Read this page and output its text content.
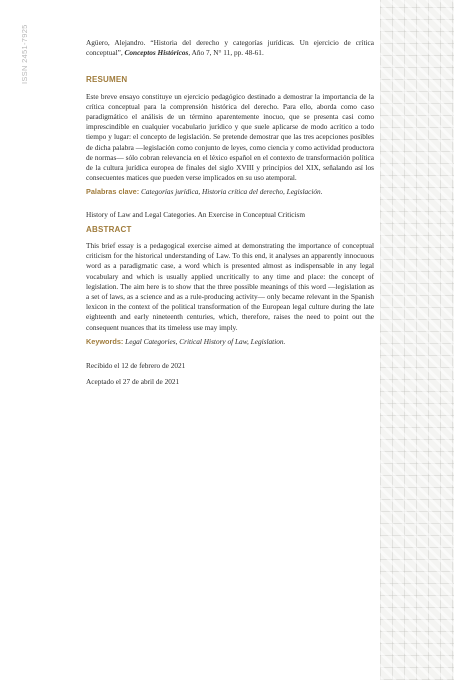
ISSN 2451-7925	Agüero, Alejandro. “Historia del derecho y categorías jurídicas. Un ejercicio de crítica conceptual”, Conceptos Históricos, Año 7, N° 11, pp. 48-61.

RESUMEN

Este breve ensayo constituye un ejercicio pedagógico destinado a demostrar la importancia de la crítica conceptual para la comprensión histórica del derecho. Para ello, aborda como caso paradigmático el análisis de un término aparentemente inocuo, que se presenta casi como imprescindible en cualquier vocabulario jurídico y que suele aplicarse de modo acrítico a todo tiempo y lugar: el concepto de legislación. Se pretende demostrar que las tres acepciones posibles de dicha palabra —legislación como conjunto de leyes, como ciencia y como actividad productora de normas— sólo cobran relevancia en el léxico español en el contexto de transformación política de la cultura jurídica europea de finales del siglo XVIII y principios del XIX, señalando así los consecuentes matices que pueden verse implicados en su uso atemporal.

Palabras clave: Categorías jurídica, Historia crítica del derecho, Legislación.

History of Law and Legal Categories. An Exercise in Conceptual Criticism

ABSTRACT

This brief essay is a pedagogical exercise aimed at demonstrating the importance of conceptual criticism for the historical understanding of Law. To this end, it analyses an apparently innocuous word as a paradigmatic case, a word which is presented almost as indispensable in any legal vocabulary and which is usually applied uncritically to any time and place: the concept of legislation. The aim here is to show that the three possible meanings of this word —legislation as a set of laws, as a science and as a rule-producing activity— only became relevant in the Spanish lexicon in the context of the political transformation of the European legal culture during the late eighteenth and early nineteenth centuries, which, therefore, raises the need to point out the consequent nuances that its timeless use may imply.

Keywords: Legal Categories, Critical History of Law, Legislation.

Recibido el 12 de febrero de 2021
Aceptado el 27 de abril de 2021
